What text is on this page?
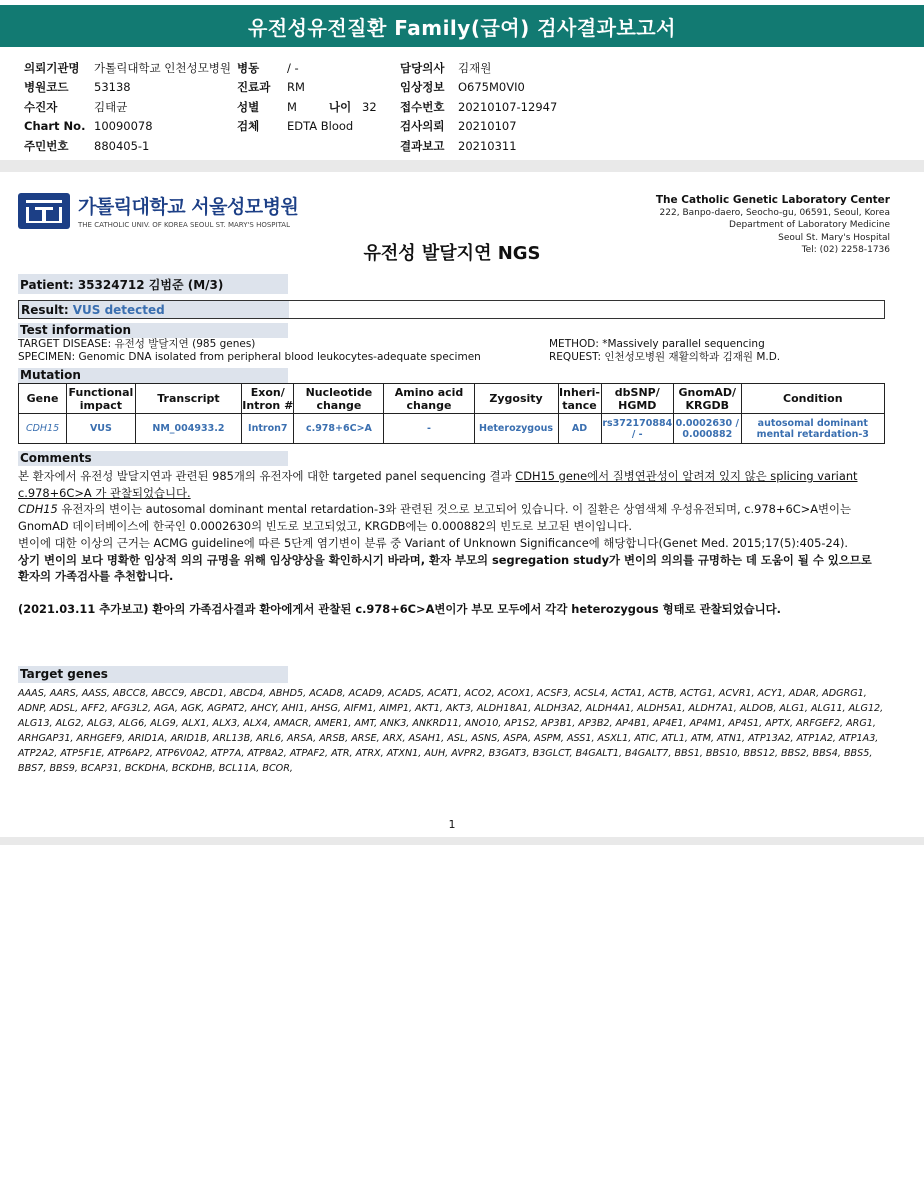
유전성유전질환 Family(급여) 검사결과보고서
의뢰기관명	가톨릭대학교 인천성모병원
병원코드	53138
수진자	김태균
Chart No. 10090078
주민번호	880405-1
병동	/ -
진료과	RM
성별	M	나이 32
검체	EDTA Blood
담당의사	김재원
임상정보	O675M0VI0
접수번호	20210107-12947
검사의뢰	20210107
결과보고	20210311
가톨릭대학교 서울성모병원
THE CATHOLIC UNIV. OF KOREA SEOUL ST. MARY'S HOSPITAL
The Catholic Genetic Laboratory Center
222, Banpo-daero, Seocho-gu, 06591, Seoul, Korea
Department of Laboratory Medicine
Seoul St. Mary's Hospital
Tel: (02) 2258-1736
유전성 발달지연 NGS
Patient: 35324712 김범준 (M/3)
Result: VUS detected
Test information
TARGET DISEASE: 유전성 발달지연 (985 genes)
SPECIMEN: Genomic DNA isolated from peripheral blood leukocytes-adequate specimen
METHOD: *Massively parallel sequencing
REQUEST: 인천성모병원 재활의학과 김재원 M.D.
Mutation
Gene	Functional impact	Transcript	Exon/ Intron #	Nucleotide change	Amino acid change	Zygosity	Inheri- tance	dbSNP/ HGMD	GnomAD/ KRGDB	Condition
CDH15	VUS	NM_004933.2	Intron7	c.978+6C>A	-	Heterozygous	AD	rs372170884 / -	0.0002630 / 0.000882	autosomal dominant mental retardation-3
Comments

본 환자에서 유전성 발달지연과 관련된 985개의 유전자에 대한 targeted panel sequencing 결과 CDH15 gene에서 질병연관성이 알려져 있지 않은 splicing variant c.978+6C>A 가 관찰되었습니다.

CDH15 유전자의 변이는 autosomal dominant mental retardation-3와 관련된 것으로 보고되어 있습니다. 이 질환은 상염색체 우성유전되며, c.978+6C>A변이는 GnomAD 데이터베이스에 한국인 0.0002630의 빈도로 보고되었고, KRGDB에는 0.000882의 빈도로 보고된 변이입니다.

변이에 대한 이상의 근거는 ACMG guideline에 따른 5단계 염기변이 분류 중 Variant of Unknown Significance에 해당합니다(Genet Med. 2015;17(5):405-24).

상기 변이의 보다 명확한 임상적 의의 규명을 위해 임상양상을 확인하시기 바라며, 환자 부모의 segregation study가 변이의 의의를 규명하는 데 도움이 될 수 있으므로 환자의 가족검사를 추천합니다.

(2021.03.11 추가보고) 환아의 가족검사결과 환아에게서 관찰된 c.978+6C>A변이가 부모 모두에서 각각 heterozygous 형태로 관찰되었습니다.

Target genes
AAAS, AARS, AASS, ABCC8, ABCC9, ABCD1, ABCD4, ABHD5, ACAD8, ACAD9, ACADS, ACAT1, ACO2, ACOX1, ACSF3, ACSL4, ACTA1, ACTB, ACTG1, ACVR1, ACY1, ADAR, ADGRG1, ADNP, ADSL, AFF2, AFG3L2, AGA, AGK, AGPAT2, AHCY, AHI1, AHSG, AIFM1, AIMP1, AKT1, AKT3, ALDH18A1, ALDH3A2, ALDH4A1, ALDH5A1, ALDH7A1, ALDOB, ALG1, ALG11, ALG12, ALG13, ALG2, ALG3, ALG6, ALG9, ALX1, ALX3, ALX4, AMACR, AMER1, AMT, ANK3, ANKRD11, ANO10, AP1S2, AP3B1, AP3B2, AP4B1, AP4E1, AP4M1, AP4S1, APTX, ARFGEF2, ARG1, ARHGAP31, ARHGEF9, ARID1A, ARID1B, ARL13B, ARL6, ARSA, ARSB, ARSE, ARX, ASAH1, ASL, ASNS, ASPA, ASPM, ASS1, ASXL1, ATIC, ATL1, ATM, ATN1, ATP13A2, ATP1A2, ATP1A3, ATP2A2, ATP5F1E, ATP6AP2, ATP6V0A2, ATP7A, ATP8A2, ATPAF2, ATR, ATRX, ATXN1, AUH, AVPR2, B3GAT3, B3GLCT, B4GALT1, B4GALT7, BBS1, BBS10, BBS12, BBS2, BBS4, BBS5, BBS7, BBS9, BCAP31, BCKDHA, BCKDHB, BCL11A, BCOR,
1
